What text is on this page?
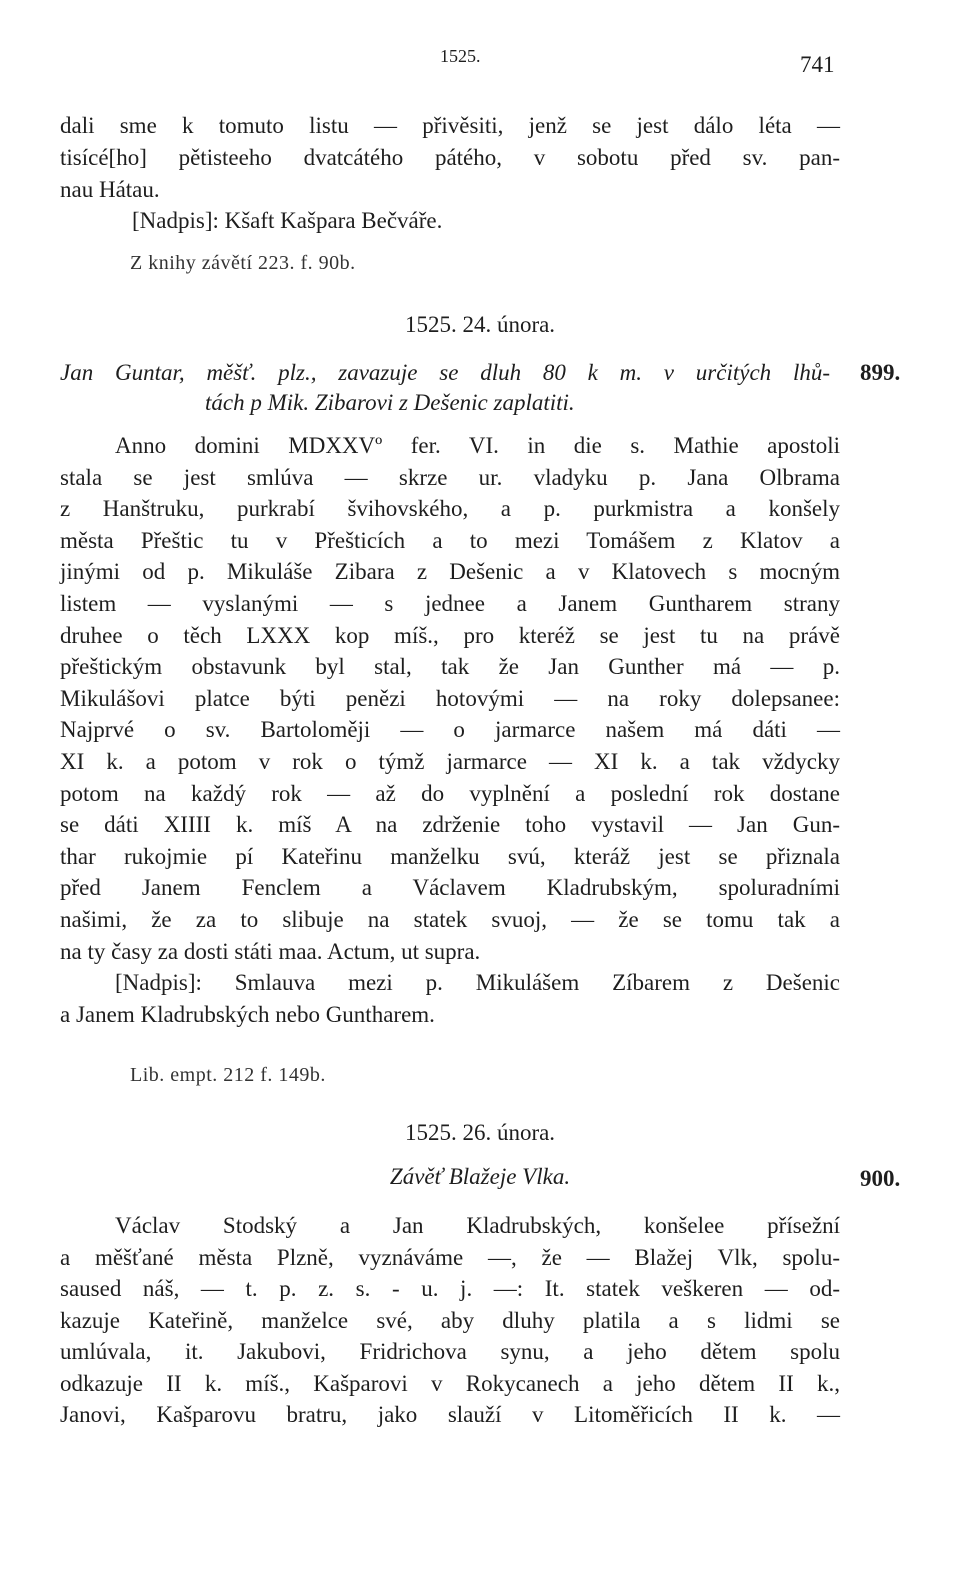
1525.	741
dali sme k tomuto listu — přivěsiti, jenž se jest dálo léta —
tisícé[ho] pětisteeho dvatcátého pátého, v sobotu před sv. pan-
nau Hátau.
[Nadpis]: Kšaft Kašpara Bečváře.
Z knihy závětí 223. f. 90b.
1525. 24. února.
Jan Guntar, měšť. plz., zavazuje se dluh 80 k m. v určitých lhů-
tách p Mik. Zibarovi z Dešenic zaplatiti.
899.
Anno domini MDXXVº fer. VI. in die s. Mathie apostoli
stala se jest smlúva — skrze ur. vladyku p. Jana Olbrama
z Hanštruku, purkrabí švihovského, a p. purkmistra a konšely
města Přeštic tu v Přešticích a to mezi Tomášem z Klatov a
jinými od p. Mikuláše Zibara z Dešenic a v Klatovech s mocným
listem — vyslanými — s jednee a Janem Guntharem strany
druhee o těch LXXX kop míš., pro kteréž se jest tu na právě
přeštickým obstavunk byl stal, tak že Jan Gunther má — p.
Mikulášovi platce býti penězi hotovými — na roky dolepsanee:
Najprvé o sv. Bartoloměji — o jarmarce našem má dáti —
XI k. a potom v rok o týmž jarmarce — XI k. a tak vždycky
potom na každý rok — až do vyplnění a poslední rok dostane
se dáti XIIII k. míš A na zdrženie toho vystavil — Jan Gun-
thar rukojmie pí Kateřinu manželku svú, kteráž jest se přiznala
před Janem Fenclem a Václavem Kladrubským, spoluradními
našimi, že za to slibuje na statek svuoj, — že se tomu tak a
na ty časy za dosti státi maa. Actum, ut supra.
[Nadpis]: Smlauva mezi p. Mikulášem Zíbarem z Dešenic
a Janem Kladrubských nebo Guntharem.
Lib. empt. 212 f. 149b.
1525. 26. února.
Závěť Blažeje Vlka.	900.
Václav Stodský a Jan Kladrubských, konšelee přísežní
a měšťané města Plzně, vyznáváme —, že — Blažej Vlk, spolu-
saused náš, — t. p. z. s. - u. j. —: It. statek veškeren — od-
kazuje Kateřině, manželce své, aby dluhy platila a s lidmi se
umlúvala, it. Jakubovi, Fridrichova synu, a jeho dětem spolu
odkazuje II k. míš., Kašparovi v Rokycanech a jeho dětem II k.,
Janovi, Kašparovu bratru, jako slauží v Litoměřicích II k. —
